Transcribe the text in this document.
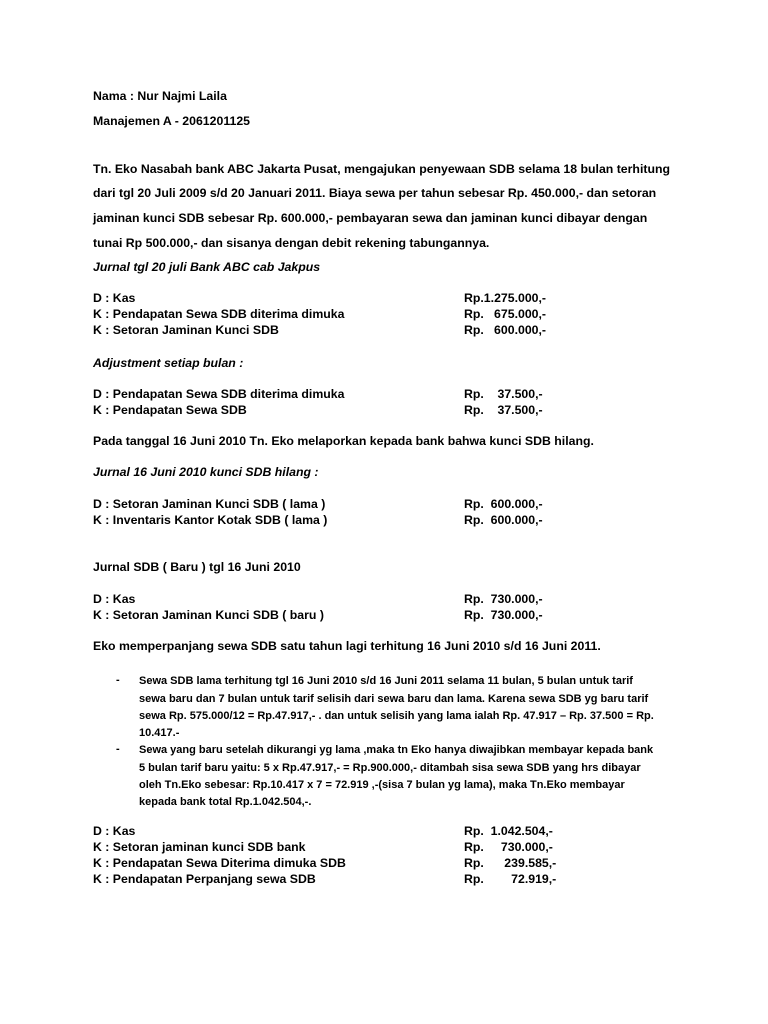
Nama : Nur Najmi Laila
Manajemen A - 2061201125
Tn. Eko Nasabah bank ABC Jakarta Pusat, mengajukan penyewaan SDB selama 18 bulan terhitung
dari tgl 20 Juli 2009 s/d 20 Januari 2011. Biaya sewa per tahun sebesar Rp. 450.000,- dan setoran
jaminan kunci SDB sebesar Rp. 600.000,- pembayaran sewa dan jaminan kunci dibayar dengan
tunai Rp 500.000,- dan sisanya dengan debit rekening tabungannya.
Jurnal tgl 20 juli Bank ABC cab Jakpus
D : Kas	Rp.1.275.000,-
K : Pendapatan Sewa SDB diterima dimuka	Rp.   675.000,-
K : Setoran Jaminan Kunci SDB	Rp.   600.000,-
Adjustment setiap bulan :
D : Pendapatan Sewa SDB diterima dimuka	Rp.    37.500,-
K : Pendapatan Sewa SDB	Rp.    37.500,-
Pada tanggal 16 Juni 2010 Tn. Eko melaporkan kepada bank bahwa kunci SDB hilang.
Jurnal 16 Juni 2010 kunci SDB hilang :
D : Setoran Jaminan Kunci SDB ( lama )	Rp.  600.000,-
K : Inventaris Kantor Kotak SDB ( lama )	Rp.  600.000,-
Jurnal SDB ( Baru ) tgl 16 Juni 2010
D : Kas	Rp.  730.000,-
K : Setoran Jaminan Kunci SDB ( baru )	Rp.  730.000,-
Eko memperpanjang sewa SDB satu tahun lagi terhitung 16 Juni 2010 s/d 16 Juni 2011.
- Sewa SDB lama terhitung tgl 16 Juni 2010 s/d 16 Juni 2011 selama 11 bulan, 5 bulan untuk tarif
sewa baru dan 7 bulan untuk tarif selisih dari sewa baru dan lama. Karena sewa SDB yg baru tarif
sewa Rp. 575.000/12 = Rp.47.917,- . dan untuk selisih yang lama ialah Rp. 47.917 – Rp. 37.500 = Rp.
10.417.-
- Sewa yang baru setelah dikurangi yg lama ,maka tn Eko hanya diwajibkan membayar kepada bank
5 bulan tarif baru yaitu: 5 x Rp.47.917,- = Rp.900.000,- ditambah sisa sewa SDB yang hrs dibayar
oleh Tn.Eko sebesar: Rp.10.417 x 7 = 72.919 ,-(sisa 7 bulan yg lama), maka Tn.Eko membayar
kepada bank total Rp.1.042.504,-.
D : Kas	Rp.  1.042.504,-
K : Setoran jaminan kunci SDB bank	Rp.     730.000,-
K : Pendapatan Sewa Diterima dimuka SDB	Rp.      239.585,-
K : Pendapatan Perpanjang sewa SDB	Rp.        72.919,-
